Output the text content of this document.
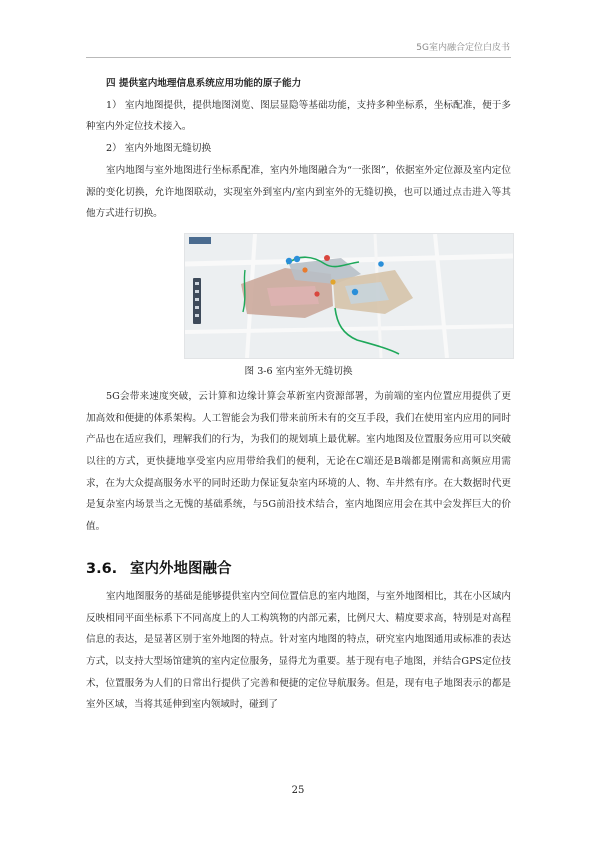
5G室内融合定位白皮书

四 提供室内地理信息系统应用功能的原子能力

1） 室内地图提供，提供地图浏览、图层显隐等基础功能，支持多种坐标系，坐标配准，便于多种室内外定位技术接入。

2） 室内外地图无缝切换

室内地图与室外地图进行坐标系配准，室内外地图融合为“一张图”，依据室外定位源及室内定位源的变化切换，允许地图联动，实现室外到室内/室内到室外的无缝切换，也可以通过点击进入等其他方式进行切换。

图 3-6 室内室外无缝切换

5G会带来速度突破，云计算和边缘计算会革新室内资源部署，为前端的室内位置应用提供了更加高效和便捷的体系架构。人工智能会为我们带来前所未有的交互手段，我们在使用室内应用的同时产品也在适应我们，理解我们的行为，为我们的规划填上最优解。室内地图及位置服务应用可以突破以往的方式，更快捷地享受室内应用带给我们的便利，无论在C端还是B端都是刚需和高频应用需求，在为大众提高服务水平的同时还助力保证复杂室内环境的人、物、车井然有序。在大数据时代更是复杂室内场景当之无愧的基础系统，与5G前沿技术结合，室内地图应用会在其中会发挥巨大的价值。

3.6. 室内外地图融合

室内地图服务的基础是能够提供室内空间位置信息的室内地图，与室外地图相比，其在小区域内反映相同平面坐标系下不同高度上的人工构筑物的内部元素，比例尺大、精度要求高，特别是对高程信息的表达，是显著区别于室外地图的特点。针对室内地图的特点，研究室内地图通用或标准的表达方式，以支持大型场馆建筑的室内定位服务，显得尤为重要。基于现有电子地图，并结合GPS定位技术，位置服务为人们的日常出行提供了完善和便捷的定位导航服务。但是，现有电子地图表示的都是室外区域，当将其延伸到室内领域时，碰到了

25
